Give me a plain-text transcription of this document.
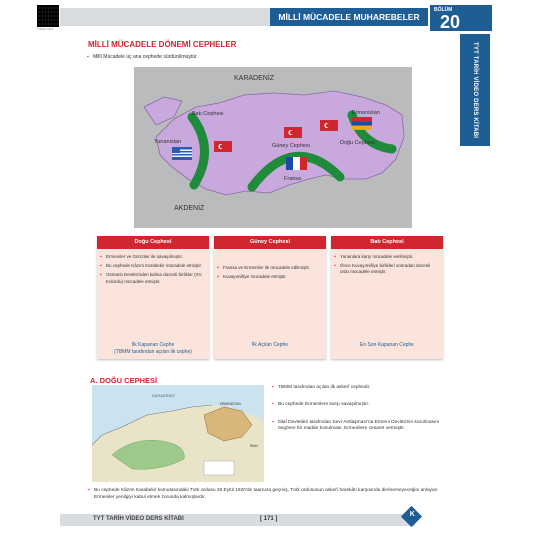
VİDEO İÇİN
MİLLİ MÜCADELE MUHAREBELER DÖNEMİ
BÖLÜM
20
TYT TARİH VİDEO DERS KİTABI
MİLLİ MÜCADELE DÖNEMİ CEPHELER
▪ Millî Mücadele üç ana cephede sürdürülmüştür.
KARADENİZ
AKDENİZ
Batı Cephesi
Yunanistan
Güney Cephesi
Fransa
Ermenistan
Doğu Cephesi
Doğu Cephesi
▪ Ermeniler ve Gürcüler ile savaşılmıştır.
▪ Bu cephede Kâzım Karabekir mücadele etmiştir.
▪ Osmanlı Devleti'nden kalma düzenli birlikler (XV. Kolordu) mücadele etmiştir.
İlk Kapanan Cephe
(TBMM tarafından açılan ilk cephe)
Güney Cephesi
▪ Fransa ve Ermeniler ile mücadele edilmiştir.
▪ Kuvayımilliye mücadele etmiştir.
İlk Açılan Cephe
Batı Cephesi
▪ Yunanlara karşı mücadele verilmiştir.
▪ Önce Kuvayımilliye birlikleri sonradan düzenli ordu mücadele etmiştir.
En Son Kapanan Cephe
A. DOĞU CEPHESİ
KARADENİZ
ERMENİSTAN
İRAN
▪ TBMM tarafından açılan ilk askerî cephedir.
▪ Bu cephede Ermenilere karşı savaşılmıştır.
▪ İtilaf Devletleri tarafından Sevr Antlaşması'na Ermeni Devleti'nin kurulmasını öngören bir madde konulması, Ermenilere cesaret vermiştir.
▪ Bu cephede Kâzım Karabekir komutasındaki Türk ordusu 28 Eylül 1920'de taarruza geçmiş, Türk ordusunun askerî harekâtı karşısında dirénemeyeceğini anlayan Ermeniler yenilgiyi kabul etmek zorunda kalmışlardır.
TYT TARİH VİDEO DERS KİTABI	[ 171 ]
K
